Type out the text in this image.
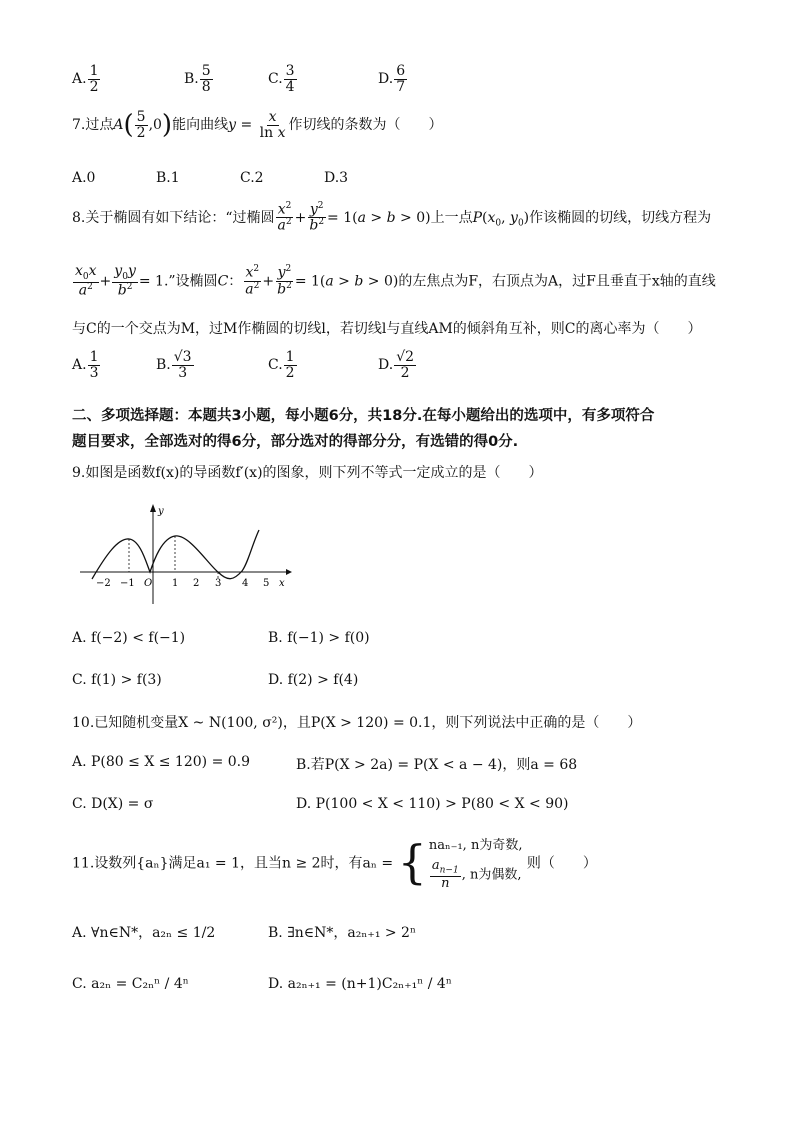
A. $\frac{1}{2}$	B. $\frac{5}{8}$	C. $\frac{3}{4}$	D. $\frac{6}{7}$
7.过点$A( \frac{5}{2} ,0)$能向曲线$y = \frac{x}{\text{ln x}}$ 作切线的条数为（　　）
A.0	B.1	C.2	D.3
8.关于椭圆有如下结论：“过椭圆 $\frac{x^2}{a^2} + \frac{y^2}{b^2} = 1(a > b > 0)$上一点$P(x_0$, $y_0$)作该椭圆的切线，切线方程为
$\frac{x_0x}{a^2} + \frac{y_0y}{b^2} = 1$.”设椭圆C： $\frac{x^2}{a^2} + \frac{y^2}{b^2} = 1(a > b > 0)$的左焦点为F，右顶点为A，过F且垂直于x轴的直线
与C的一个交点为M，过M作椭圆的切线l，若切线l与直线AM的倾斜角互补，则C的离心率为（　　）
A. $\frac{1}{3}$	B. $\frac{√3}{3}$	C. $\frac{1}{2}$	D. $\frac{√2}{2}$
二、多项选择题：本题共3小题，每小题6分，共18分.在每小题给出的选项中，有多项符合
题目要求，全部选对的得6分，部分选对的得部分分，有选错的得0分.
9.如图是函数f(x)的导函数f′(x)的图象，则下列不等式一定成立的是（　　）
y
x
O
−2 −1	1 2 3 4 5
A. f(−2) < f(−1)	B. f(−1) > f(0)
C. f(1) > f(3)	D. f(2) > f(4)
10.已知随机变量X ~ N(100, σ²)，且P(X > 120) = 0.1，则下列说法中正确的是（　　）
A. P(80 ≤ X ≤ 120) = 0.9	B.若P(X > 2a) = P(X < a − 4)，则a = 68
C. D(X) = σ	D. P(100 < X < 110) > P(80 < X < 90)
11.设数列{aₙ}满足a₁ = 1，且当n ≥ 2时，有aₙ = { naₙ₋₁, n为奇数,
$\frac{a_{n-1}}{n}$ , n为偶数,
则（　　）
A. ∀n∈N*，a₂ₙ ≤ 1/2	B. ∃n∈N*，a₂ₙ₊₁ > 2ⁿ
C. a₂ₙ = C₂ₙⁿ / 4ⁿ	D. a₂ₙ₊₁ = (n+1)C₂ₙ₊₁ⁿ / 4ⁿ
